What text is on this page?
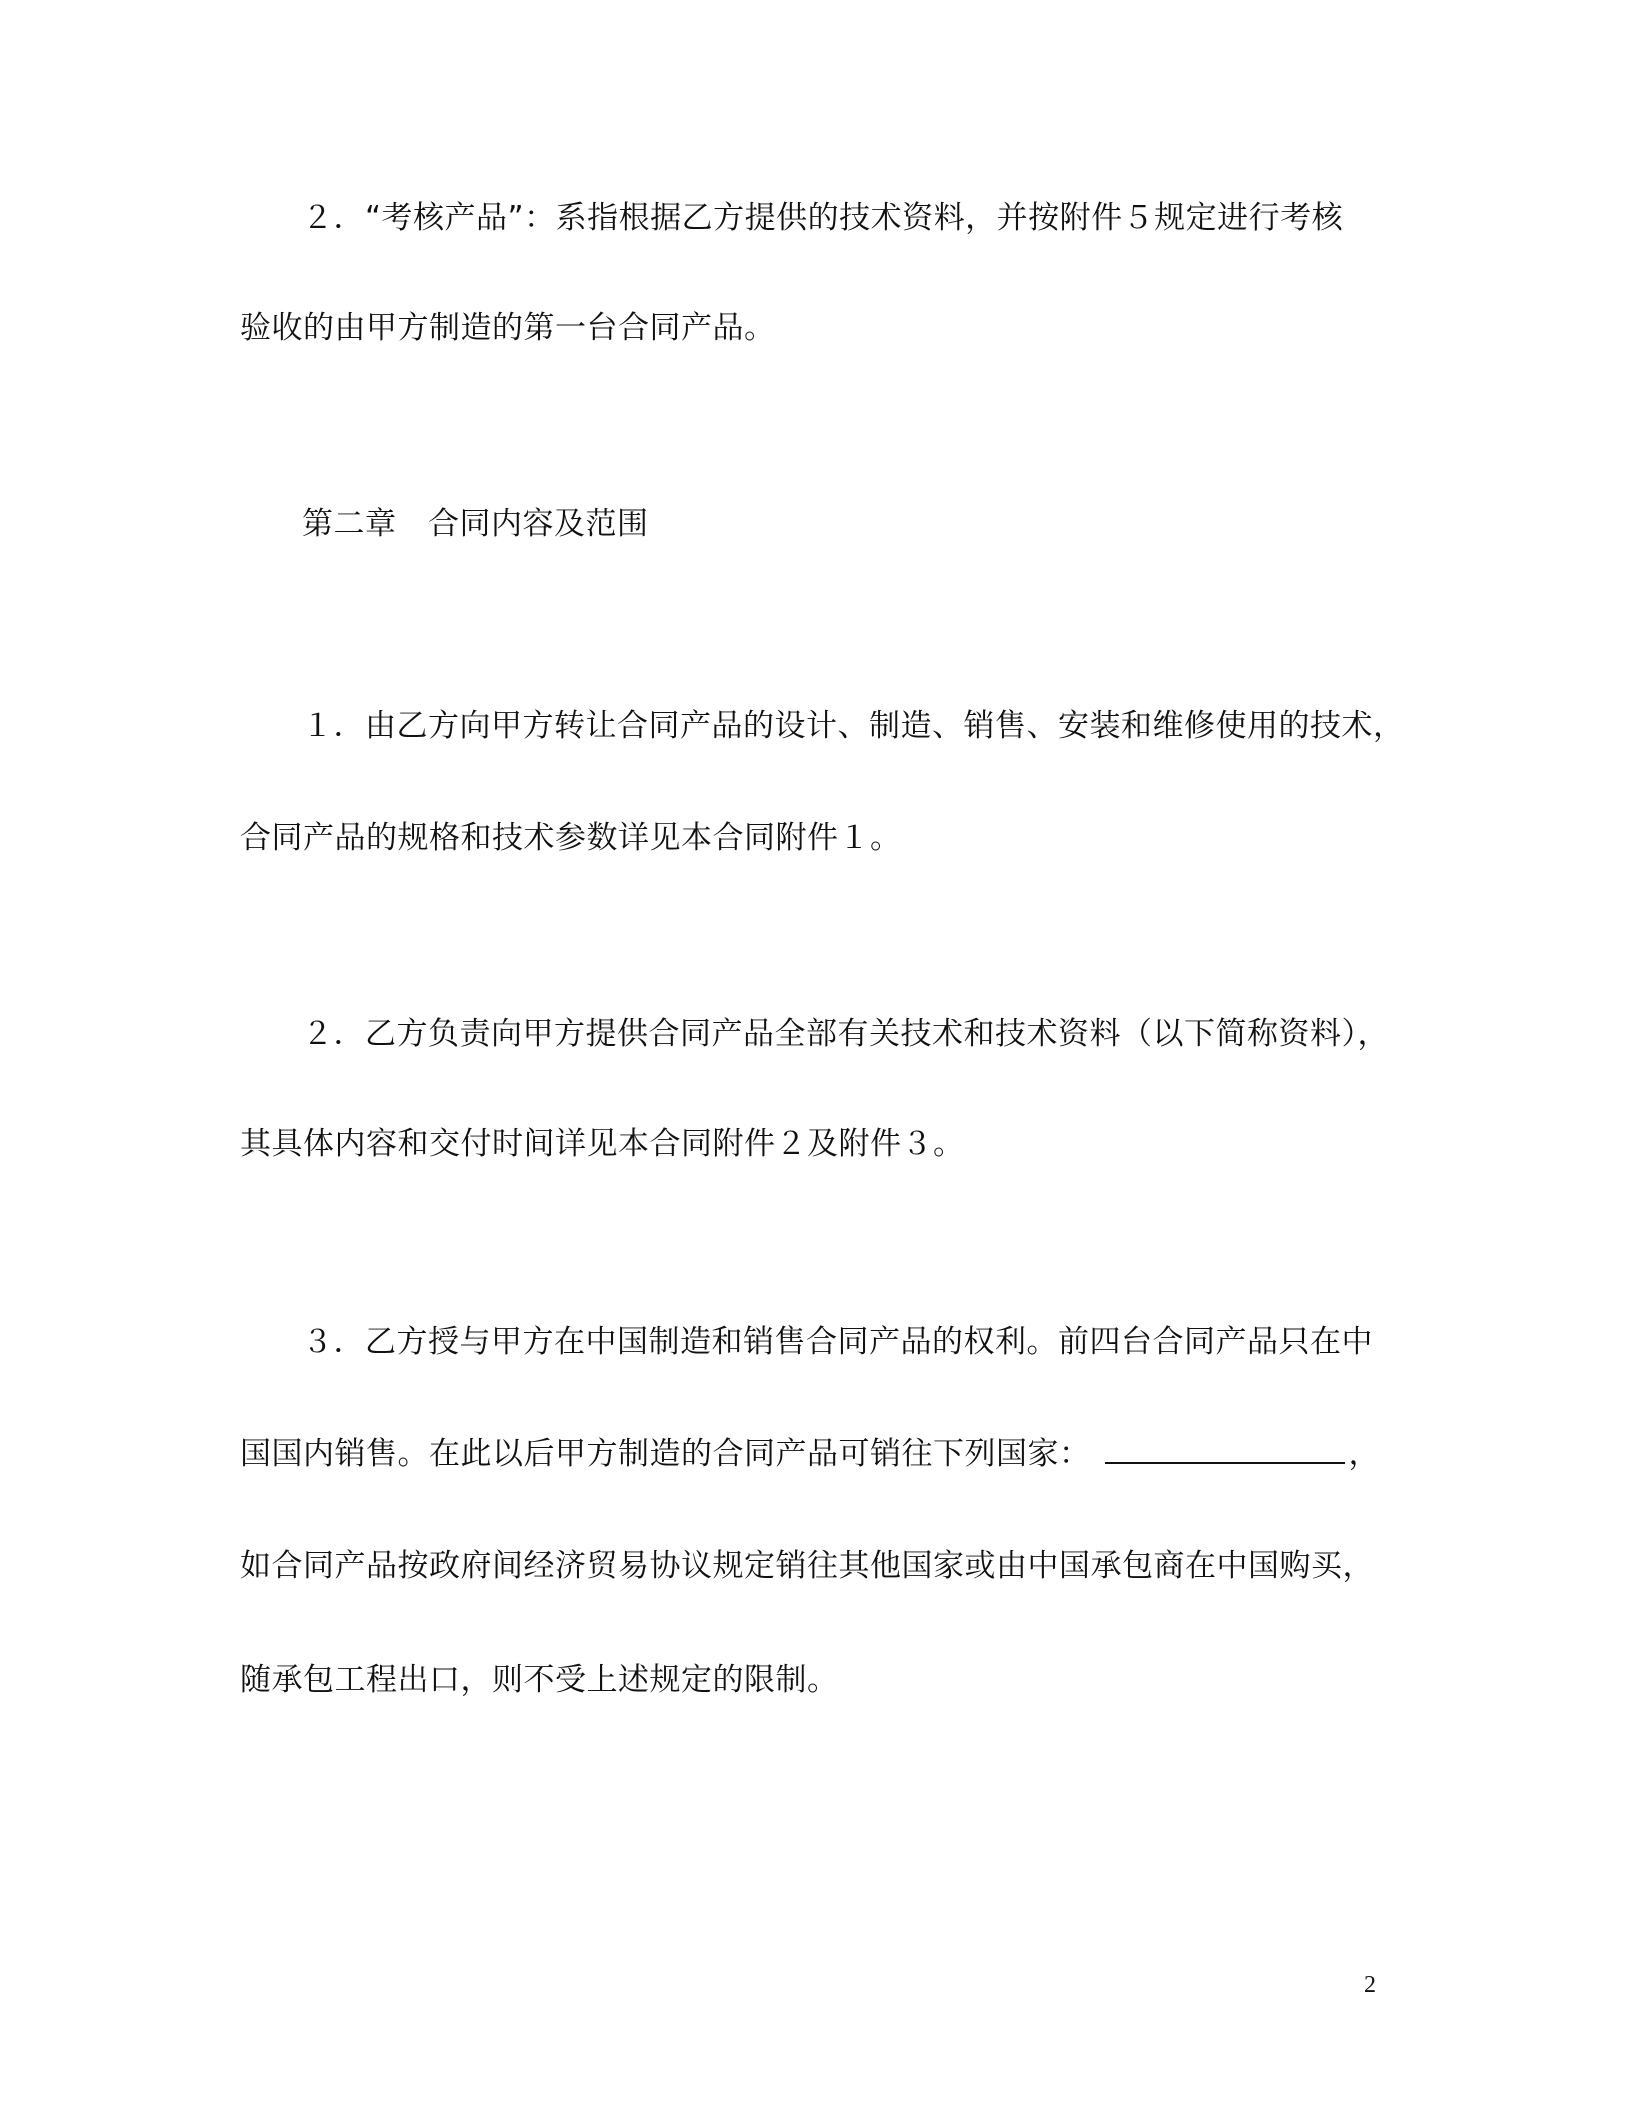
２．“考核产品”：系指根据乙方提供的技术资料，并按附件５规定进行考核
验收的由甲方制造的第一台合同产品。
第二章　合同内容及范围
１．由乙方向甲方转让合同产品的设计、制造、销售、安装和维修使用的技术，
合同产品的规格和技术参数详见本合同附件１。
２．乙方负责向甲方提供合同产品全部有关技术和技术资料（以下简称资料），
其具体内容和交付时间详见本合同附件２及附件３。
３．乙方授与甲方在中国制造和销售合同产品的权利。前四台合同产品只在中
国国内销售。在此以后甲方制造的合同产品可销往下列国家：	，
如合同产品按政府间经济贸易协议规定销往其他国家或由中国承包商在中国购买，
随承包工程出口，则不受上述规定的限制。
2
